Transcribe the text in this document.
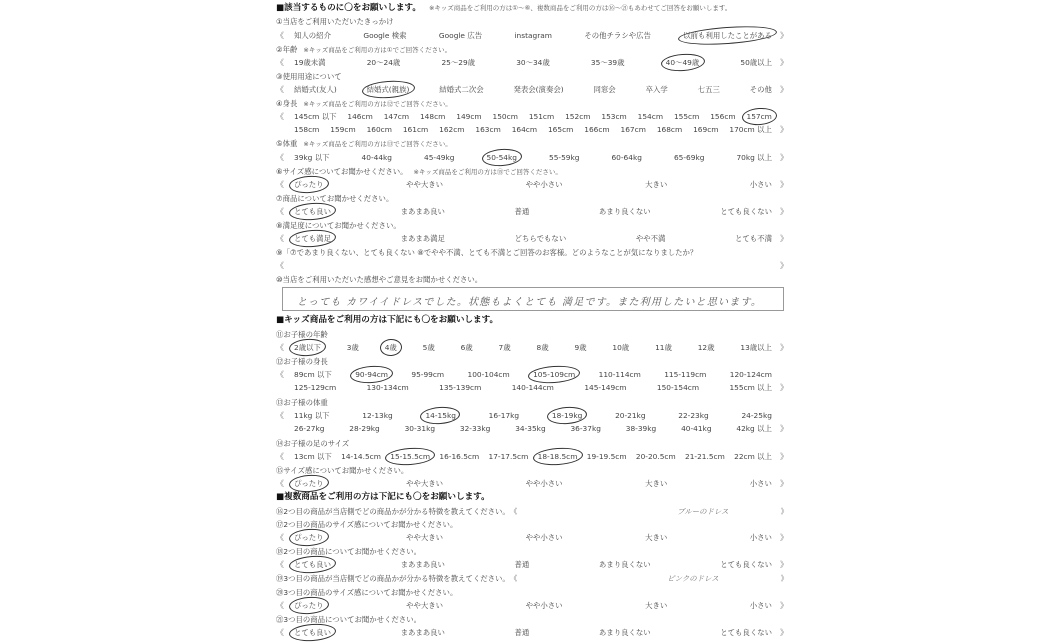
■該当するものに〇をお願いします。 ※キッズ商品をご利用の方は①～⑥、複数商品をご利用の方は⑯～㉑もあわせてご回答をお願いします。
①当店をご利用いただいたきっかけ
《 知人の紹介	Google 検索	Google 広告	instagram	その他チラシや広告	以前も利用したことがある 》
②年齢 ※キッズ商品をご利用の方は①でご回答ください。
《 19歳未満	20～24歳	25～29歳	30～34歳	35～39歳	40～49歳	50歳以上 》
③使用用途について
《 結婚式(友人)	結婚式(親族)	結婚式二次会	発表会(演奏会)	同窓会	卒入学	七五三	その他 》
④身長 ※キッズ商品をご利用の方は⑫でご回答ください。
《 145cm 以下 146cm 147cm 148cm 149cm 150cm 151cm 152cm 153cm 154cm 155cm 156cm 157cm
158cm 159cm 160cm 161cm 162cm 163cm 164cm 165cm 166cm 167cm 168cm 169cm 170cm 以上 》
⑤体重 ※キッズ商品をご利用の方は⑬でご回答ください。
《 39kg 以下	40-44kg	45-49kg	50-54kg	55-59kg	60-64kg	65-69kg	70kg 以上 》
⑥サイズ感についてお聞かせください。 ※キッズ商品をご利用の方は⑮でご回答ください。
《 ぴったり	やや大きい	やや小さい	大きい	小さい 》
⑦商品についてお聞かせください。
《 とても良い	まあまあ良い	普通	あまり良くない	とても良くない 》
⑧満足度についてお聞かせください。
《 とても満足	まあまあ満足	どちらでもない	やや不満	とても不満 》
⑨「⑦であまり良くない、とても良くない ⑧でやや不満、とても不満とご回答のお客様。どのようなことが気になりましたか？
《	》
⑩当店をご利用いただいた感想やご意見をお聞かせください。
とっても カワイイドレスでした。状態もよくとても 満足です。また利用したいと思います。
■キッズ商品をご利用の方は下記にも〇をお願いします。
⑪お子様の年齢
《 2歳以下	3歳	4歳	5歳	6歳	7歳	8歳	9歳	10歳	11歳	12歳	13歳以上 》
⑫お子様の身長
《 89cm 以下	90-94cm	95-99cm	100-104cm	105-109cm	110-114cm	115-119cm	120-124cm
125-129cm	130-134cm	135-139cm	140-144cm	145-149cm	150-154cm	155cm 以上 》
⑬お子様の体重
《 11kg 以下	12-13kg	14-15kg	16-17kg	18-19kg	20-21kg	22-23kg	24-25kg
26-27kg	28-29kg	30-31kg	32-33kg	34-35kg	36-37kg	38-39kg	40-41kg	42kg 以上 》
⑭お子様の足のサイズ
《 13cm 以下 14-14.5cm 15-15.5cm 16-16.5cm 17-17.5cm 18-18.5cm 19-19.5cm 20-20.5cm 21-21.5cm 22cm 以上 》
⑮サイズ感についてお聞かせください。
《 ぴったり	やや大きい	やや小さい	大きい	小さい 》
■複数商品をご利用の方は下記にも〇をお願いします。
⑯2つ目の商品が当店側でどの商品かが分かる特徴を教えてください。 《	ブルーのドレス	》
⑰2つ目の商品のサイズ感についてお聞かせください。
《 ぴったり	やや大きい	やや小さい	大きい	小さい 》
⑱2つ目の商品についてお聞かせください。
《 とても良い	まあまあ良い	普通	あまり良くない	とても良くない 》
⑲3つ目の商品が当店側でどの商品かが分かる特徴を教えてください。 《	ピンクのドレス	》
⑳3つ目の商品のサイズ感についてお聞かせください。
《 ぴったり	やや大きい	やや小さい	大きい	小さい 》
㉑3つ目の商品についてお聞かせください。
《 とても良い	まあまあ良い	普通	あまり良くない	とても良くない 》
